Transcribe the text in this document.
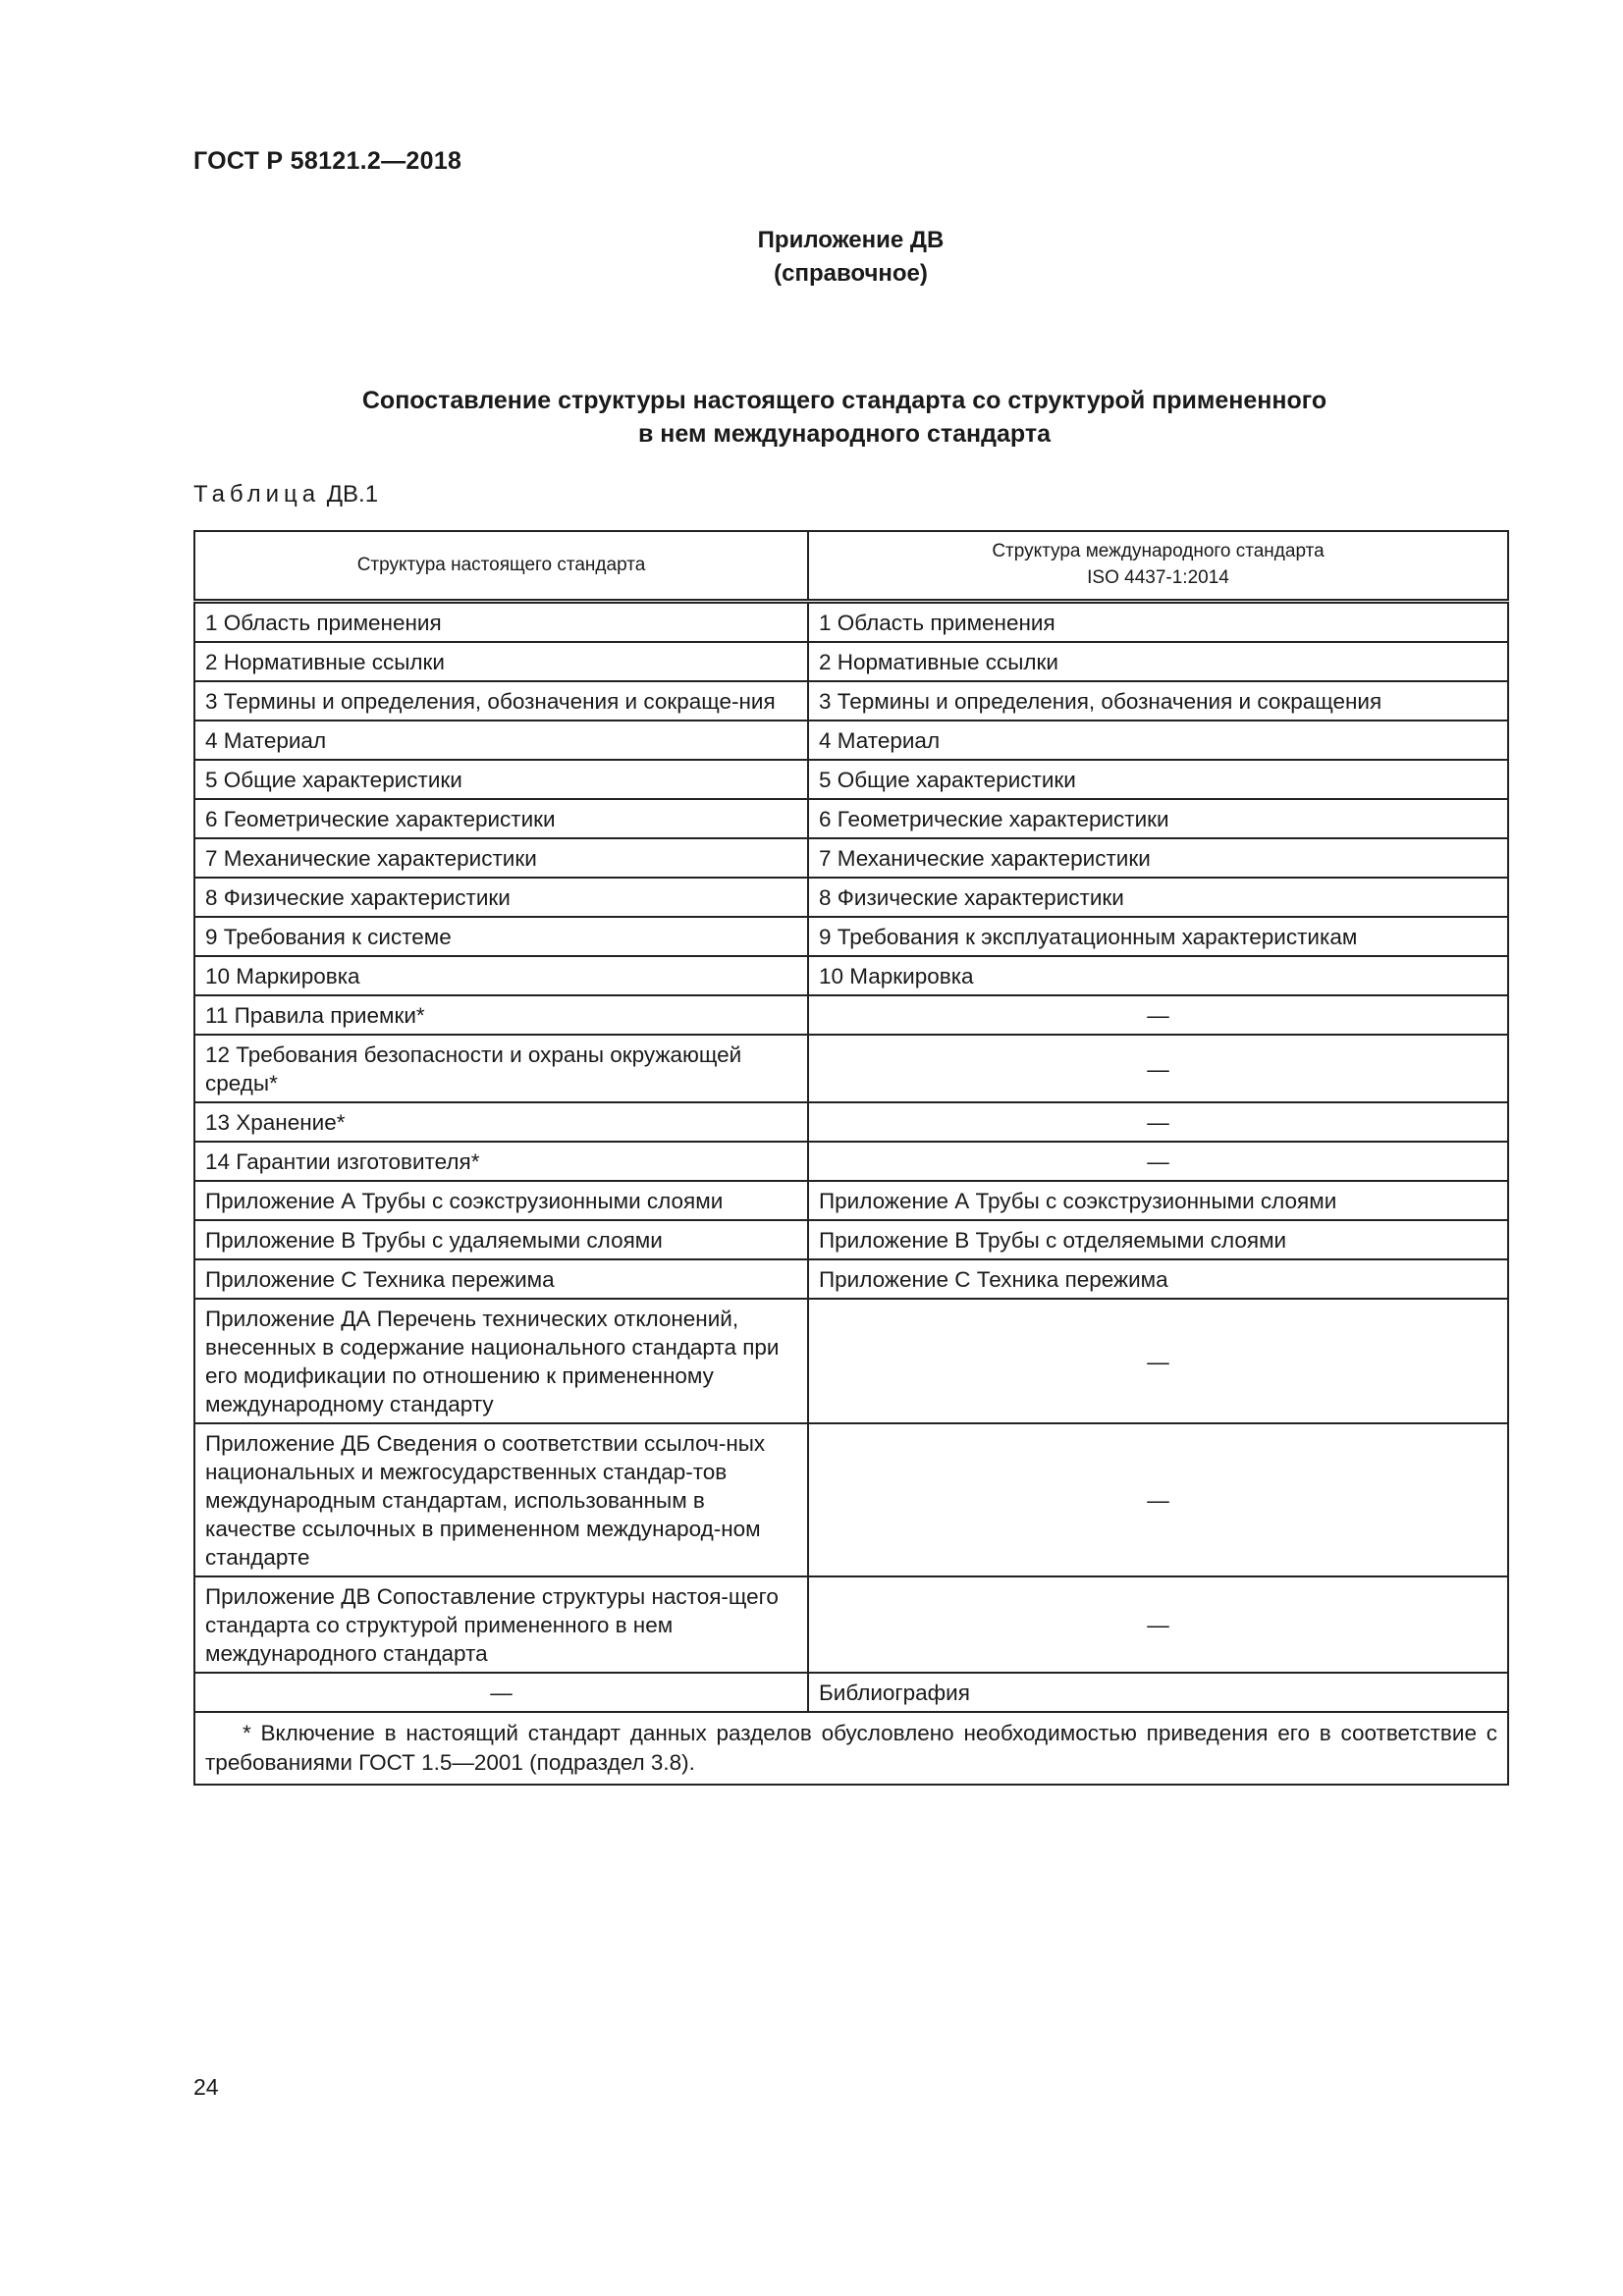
ГОСТ Р 58121.2—2018
Приложение ДВ
(справочное)
Сопоставление структуры настоящего стандарта со структурой примененного
в нем международного стандарта
Таблица ДВ.1
Структура настоящего стандарта	Структура международного стандарта
ISO 4437-1:2014

1 Область применения	1 Область применения
2 Нормативные ссылки	2 Нормативные ссылки
3 Термины и определения, обозначения и сокраще-ния	3 Термины и определения, обозначения и сокращения
4 Материал	4 Материал
5 Общие характеристики	5 Общие характеристики
6 Геометрические характеристики	6 Геометрические характеристики
7 Механические характеристики	7 Механические характеристики
8 Физические характеристики	8 Физические характеристики
9 Требования к системе	9 Требования к эксплуатационным характеристикам
10 Маркировка	10 Маркировка
11 Правила приемки*	—
12 Требования безопасности и охраны окружающей среды*	—
13 Хранение*	—
14 Гарантии изготовителя*	—
Приложение А Трубы с соэкструзионными слоями	Приложение А Трубы с соэкструзионными слоями
Приложение В Трубы с удаляемыми слоями	Приложение В Трубы с отделяемыми слоями
Приложение С Техника пережима	Приложение С Техника пережима
Приложение ДА Перечень технических отклонений, внесенных в содержание национального стандарта при его модификации по отношению к примененному международному стандарту	—
Приложение ДБ Сведения о соответствии ссылоч-ных национальных и межгосударственных стандар-тов международным стандартам, использованным в качестве ссылочных в примененном международ-ном стандарте	—
Приложение ДВ Сопоставление структуры настоя-щего стандарта со структурой примененного в нем международного стандарта	—
—	Библиография
* Включение в настоящий стандарт данных разделов обусловлено необходимостью приведения его в соответствие с требованиями ГОСТ 1.5—2001 (подраздел 3.8).	
24
